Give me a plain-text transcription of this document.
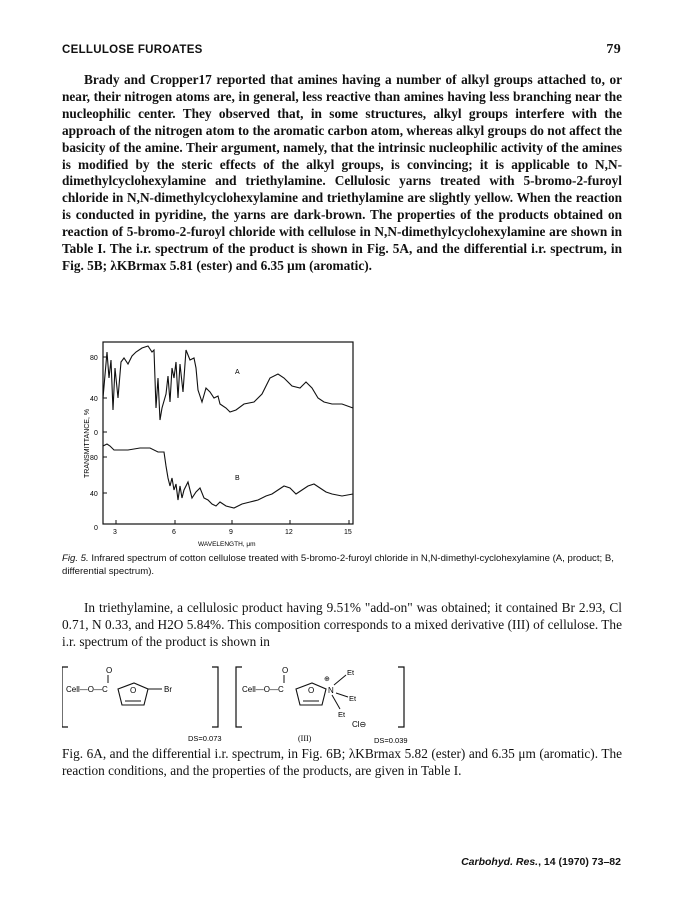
CELLULOSE FUROATES	79
Brady and Cropper17 reported that amines having a number of alkyl groups attached to, or near, their nitrogen atoms are, in general, less reactive than amines having less branching near the nucleophilic center. They observed that, in some structures, alkyl groups interfere with the approach of the nitrogen atom to the aromatic carbon atom, whereas alkyl groups do not affect the basicity of the amine. Their argument, namely, that the intrinsic nucleophilic activity of the amines is modified by the steric effects of the alkyl groups, is convincing; it is applicable to N,N-dimethylcyclohexylamine and triethylamine. Cellulosic yarns treated with 5-bromo-2-furoyl chloride in N,N-dimethylcyclohexylamine and triethylamine are slightly yellow. When the reaction is conducted in pyridine, the yarns are dark-brown. The properties of the products obtained on reaction of 5-bromo-2-furoyl chloride with cellulose in N,N-dimethylcyclohexylamine are shown in Table I. The i.r. spectrum of the product is shown in Fig. 5A, and the differential i.r. spectrum, in Fig. 5B; λKBrmax 5.81 (ester) and 6.35 μm (aromatic).
TRANSMITTANCE, %
80
40
0
80
40
0
3	6	9	12	15
WAVELENGTH, μm
A
B
Fig. 5. Infrared spectrum of cotton cellulose treated with 5-bromo-2-furoyl chloride in N,N-dimethyl-cyclohexylamine (A, product; B, differential spectrum).
In triethylamine, a cellulosic product having 9.51% "add-on" was obtained; it contained Br 2.93, Cl 0.71, N 0.33, and H2O 5.84%. This composition corresponds to a mixed derivative (III) of cellulose. The i.r. spectrum of the product is shown in
Cell—O—C
O
O	Br
DS=0.073
Cell—O—C
O
O
⊕
N
Et
Et
Et
Cl⊖
DS=0.039
(III)
Fig. 6A, and the differential i.r. spectrum, in Fig. 6B; λKBrmax 5.82 (ester) and 6.35 μm (aromatic). The reaction conditions, and the properties of the products, are given in Table I.
Carbohyd. Res., 14 (1970) 73–82
